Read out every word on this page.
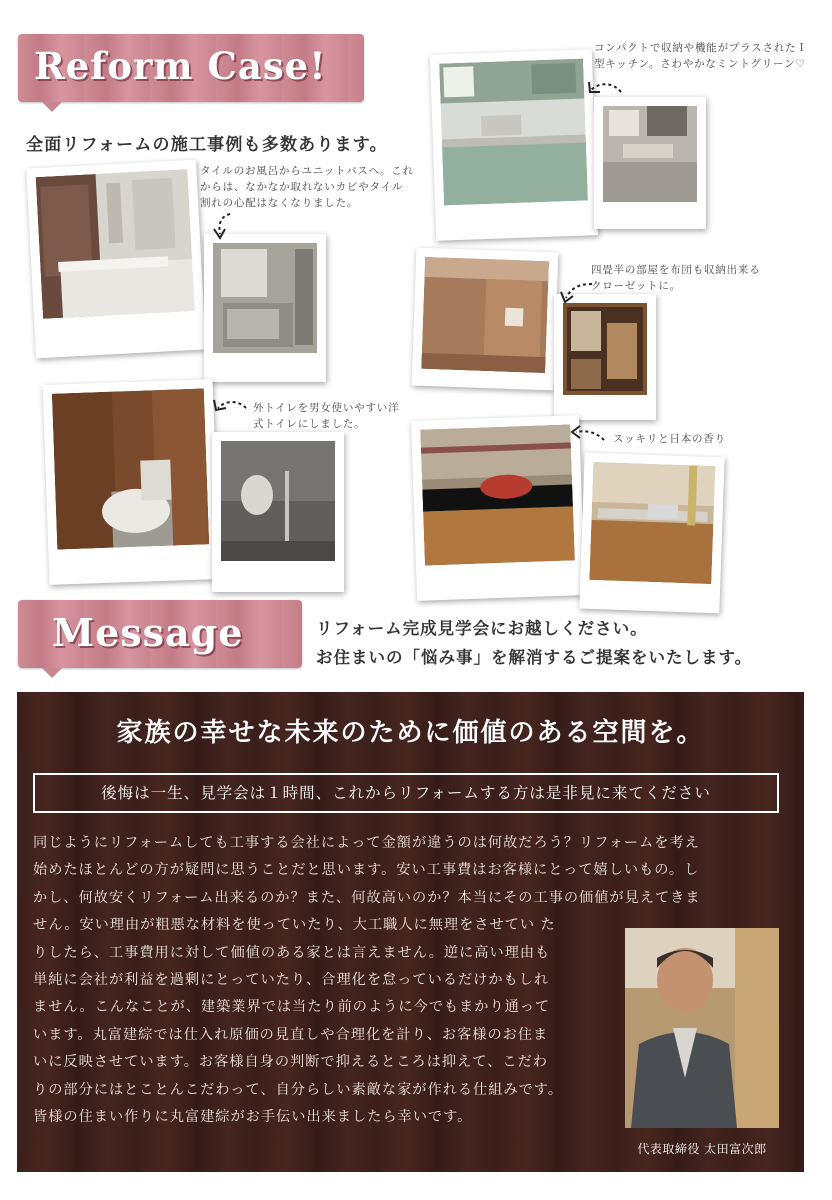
Reform Case!
全面リフォームの施工事例も多数あります。
タイルのお風呂からユニットバスへ。これからは、なかなか取れないカビやタイル割れの心配はなくなりました。
コンパクトで収納や機能がプラスされたＩ型キッチン。さわやかなミントグリーン♡
四畳半の部屋を布団も収納出来るクローゼットに。
外トイレを男女使いやすい洋式トイレにしました。
スッキリと日本の香り
Message	リフォーム完成見学会にお越しください。
お住まいの「悩み事」を解消するご提案をいたします。
家族の幸せな未来のために価値のある空間を。
後悔は一生、見学会は１時間、これからリフォームする方は是非見に来てください
同じようにリフォームしても工事する会社によって金額が違うのは何故だろう？リフォームを考え
始めたほとんどの方が疑問に思うことだと思います。安い工事費はお客様にとって嬉しいもの。し
かし、何故安くリフォーム出来るのか？また、何故高いのか？本当にその工事の価値が見えてきま
せん。安い理由が粗悪な材料を使っていたり、大工職人に無理をさせてい た
りしたら、工事費用に対して価値のある家とは言えません。逆に高い理由も
単純に会社が利益を過剰にとっていたり、合理化を怠っているだけかもしれ
ません。こんなことが、建築業界では当たり前のように今でもまかり通って
います。丸富建綜では仕入れ原価の見直しや合理化を計り、お客様のお住ま
いに反映させています。お客様自身の判断で抑えるところは抑えて、こだわ
りの部分にはとことんこだわって、自分らしい素敵な家が作れる仕組みです。
皆様の住まい作りに丸富建綜がお手伝い出来ましたら幸いです。
代表取締役 太田富次郎
